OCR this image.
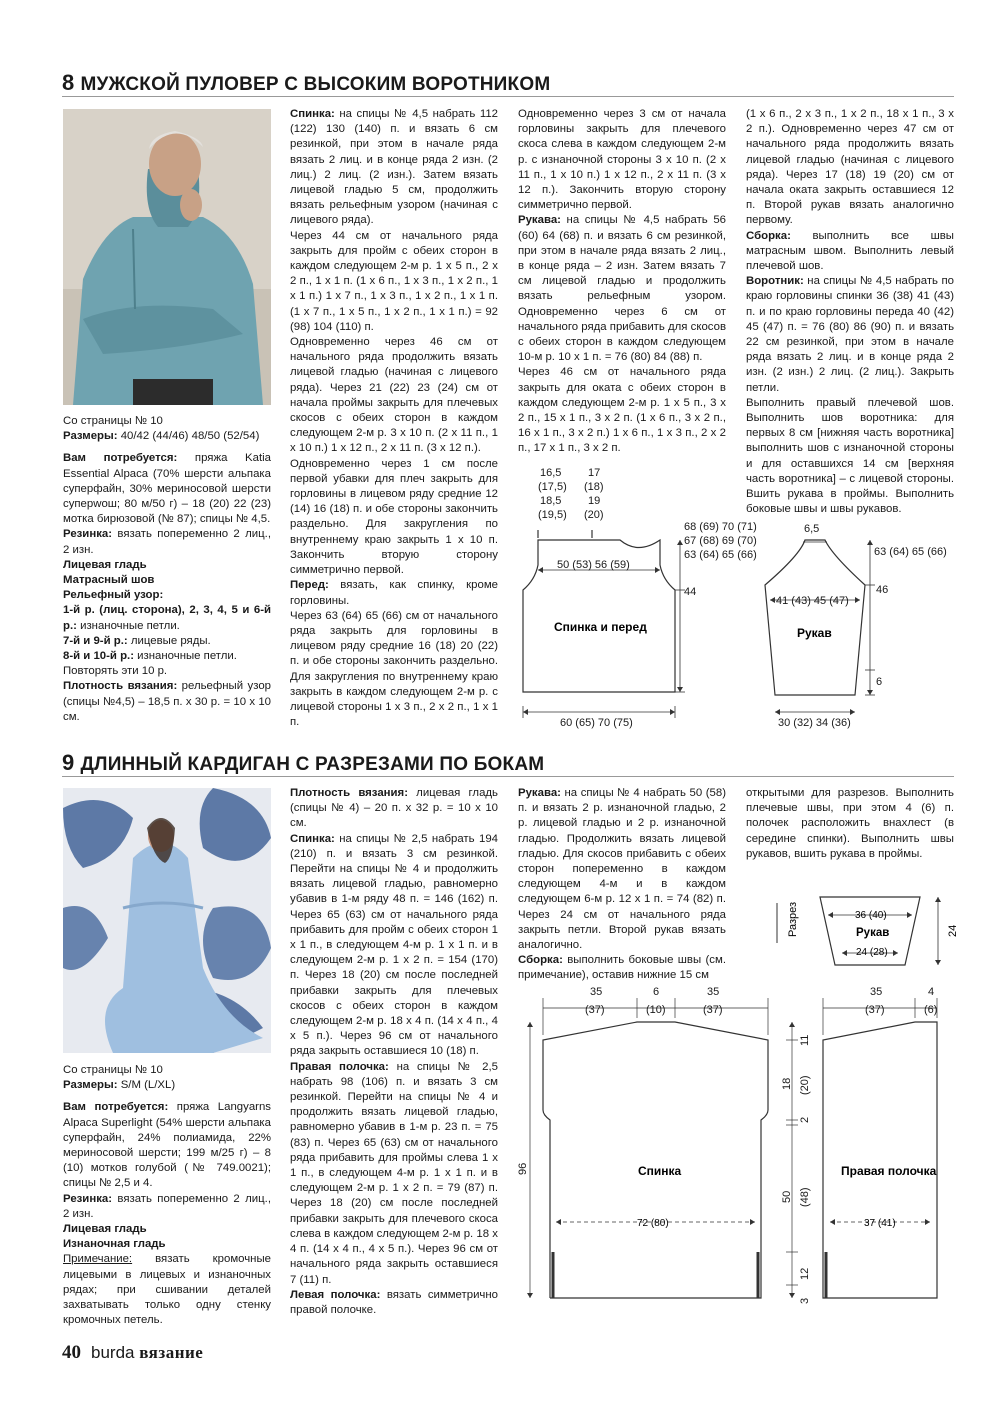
8 МУЖСКОЙ ПУЛОВЕР С ВЫСОКИМ ВОРОТНИКОМ

Со страницы № 10

Размеры: 40/42 (44/46) 48/50 (52/54)

Вам потребуется: пряжа Katia Essential Alpaca (70% шерсти альпака суперфайн, 30% мериносовой шерсти суперwош; 80 м/50 г) – 18 (20) 22 (23) мотка бирюзовой (№ 87); спицы № 4,5.

Резинка: вязать попеременно 2 лиц., 2 изн.

Лицевая гладь

Матрасный шов

Рельефный узор:

1-й р. (лиц. сторона), 2, 3, 4, 5 и 6-й р.: изнаночные петли.

7-й и 9-й р.: лицевые ряды.

8-й и 10-й р.: изнаночные петли.

Повторять эти 10 р.

Плотность вязания: рельефный узор (спицы №4,5) – 18,5 п. x 30 р. = 10 x 10 см.

Спинка: на спицы № 4,5 набрать 112 (122) 130 (140) п. и вязать 6 см резинкой, при этом в начале ряда вязать 2 лиц. и в конце ряда 2 изн. (2 лиц.) 2 лиц. (2 изн.). Затем вязать лицевой гладью 5 см, продолжить вязать рельефным узором (начиная с лицевого ряда).

Через 44 см от начального ряда закрыть для пройм с обеих сторон в каждом следующем 2-м р. 1 x 5 п., 2 x 2 п., 1 x 1 п. (1 x 6 п., 1 x 3 п., 1 x 2 п., 1 x 1 п.) 1 x 7 п., 1 x 3 п., 1 x 2 п., 1 x 1 п. (1 x 7 п., 1 x 5 п., 1 x 2 п., 1 x 1 п.) = 92 (98) 104 (110) п.

Одновременно через 46 см от начального ряда продолжить вязать лицевой гладью (начиная с лицевого ряда). Через 21 (22) 23 (24) см от начала проймы закрыть для плечевых скосов с обеих сторон в каждом следующем 2-м р. 3 x 10 п. (2 x 11 п., 1 x 10 п.) 1 x 12 п., 2 x 11 п. (3 x 12 п.).

Одновременно через 1 см после первой убавки для плеч закрыть для горловины в лицевом ряду средние 12 (14) 16 (18) п. и обе стороны закончить раздельно. Для закругления по внутреннему краю закрыть 1 x 10 п. Закончить вторую сторону симметрично первой.

Перед: вязать, как спинку, кроме горловины.

Через 63 (64) 65 (66) см от начального ряда закрыть для горловины в лицевом ряду средние 16 (18) 20 (22) п. и обе стороны закончить раздельно. Для закругления по внутреннему краю закрыть в каждом следующем 2-м р. с лицевой стороны 1 x 3 п., 2 x 2 п., 1 x 1 п.

Одновременно через 3 см от начала горловины закрыть для плечевого скоса слева в каждом следующем 2-м р. с изнаночной стороны 3 x 10 п. (2 x 11 п., 1 x 10 п.) 1 x 12 п., 2 x 11 п. (3 x 12 п.). Закончить вторую сторону симметрично первой.

Рукава: на спицы № 4,5 набрать 56 (60) 64 (68) п. и вязать 6 см резинкой, при этом в начале ряда вязать 2 лиц., в конце ряда – 2 изн. Затем вязать 7 см лицевой гладью и продолжить вязать рельефным узором. Одновременно через 6 см от начального ряда прибавить для скосов с обеих сторон в каждом следующем 10-м р. 10 x 1 п. = 76 (80) 84 (88) п.

Через 46 см от начального ряда закрыть для оката с обеих сторон в каждом следующем 2-м р. 1 x 5 п., 3 x 2 п., 15 x 1 п., 3 x 2 п. (1 x 6 п., 3 x 2 п., 16 x 1 п., 3 x 2 п.) 1 x 6 п., 1 x 3 п., 2 x 2 п., 17 x 1 п., 3 x 2 п.

(1 x 6 п., 2 x 3 п., 1 x 2 п., 18 x 1 п., 3 x 2 п.). Одновременно через 47 см от начального ряда продолжить вязать лицевой гладью (начиная с лицевого ряда). Через 17 (18) 19 (20) см от начала оката закрыть оставшиеся 12 п. Второй рукав вязать аналогично первому.

Сборка: выполнить все швы матрасным швом. Выполнить левый плечевой шов.

Воротник: на спицы № 4,5 набрать по краю горловины спинки 36 (38) 41 (43) п. и по краю горловины переда 40 (42) 45 (47) п. = 76 (80) 86 (90) п. и вязать 22 см резинкой, при этом в начале ряда вязать 2 лиц. и в конце ряда 2 изн. (2 изн.) 2 лиц. (2 лиц.). Закрыть петли.

Выполнить правый плечевой шов. Выполнить шов воротника: для первых 8 см [нижняя часть воротника] выполнить шов с изнаночной стороны и для оставшихся 14 см [верхняя часть воротника] – с лицевой стороны. Вшить рукава в проймы. Выполнить боковые швы и швы рукавов.

16,5
(17,5)
18,5
(19,5)
17
(18)
19
(20)
50 (53) 56 (59)
68 (69) 70 (71)
67 (68) 69 (70)
63 (64) 65 (66)
44
60 (65) 70 (75)
Спинка и перед
6,5
63 (64) 65 (66)
41 (43) 45 (47)
46
6
30 (32) 34 (36)
Рукав
9 ДЛИННЫЙ КАРДИГАН С РАЗРЕЗАМИ ПО БОКАМ

Со страницы № 10

Размеры: S/M (L/XL)

Вам потребуется: пряжа Langyarns Alpaca Superlight (54% шерсти альпака суперфайн, 24% полиамида, 22% мериносовой шерсти; 199 м/25 г) – 8 (10) мотков голубой (№ 749.0021); спицы № 2,5 и 4.

Резинка: вязать попеременно 2 лиц., 2 изн.

Лицевая гладь

Изнаночная гладь

Примечание: вязать кромочные лицевыми в лицевых и изнаночных рядах; при сшивании деталей захватывать только одну стенку кромочных петель.

Плотность вязания: лицевая гладь (спицы № 4) – 20 п. x 32 р. = 10 x 10 см.

Спинка: на спицы № 2,5 набрать 194 (210) п. и вязать 3 см резинкой. Перейти на спицы № 4 и продолжить вязать лицевой гладью, равномерно убавив в 1-м ряду 48 п. = 146 (162) п. Через 65 (63) см от начального ряда прибавить для пройм с обеих сторон 1 x 1 п., в следующем 4-м р. 1 x 1 п. и в следующем 2-м р. 1 x 2 п. = 154 (170) п. Через 18 (20) см после последней прибавки закрыть для плечевых скосов с обеих сторон в каждом следующем 2-м р. 18 x 4 п. (14 x 4 п., 4 x 5 п.). Через 96 см от начального ряда закрыть оставшиеся 10 (18) п.

Правая полочка: на спицы № 2,5 набрать 98 (106) п. и вязать 3 см резинкой. Перейти на спицы № 4 и продолжить вязать лицевой гладью, равномерно убавив в 1-м р. 23 п. = 75 (83) п. Через 65 (63) см от начального ряда прибавить для проймы слева 1 x 1 п., в следующем 4-м р. 1 x 1 п. и в следующем 2-м р. 1 x 2 п. = 79 (87) п. Через 18 (20) см после последней прибавки закрыть для плечевого скоса слева в каждом следующем 2-м р. 18 x 4 п. (14 x 4 п., 4 x 5 п.). Через 96 см от начального ряда закрыть оставшиеся 7 (11) п.

Левая полочка: вязать симметрично правой полочке.

Рукава: на спицы № 4 набрать 50 (58) п. и вязать 2 р. изнаночной гладью, 2 р. лицевой гладью и 2 р. изнаночной гладью. Продолжить вязать лицевой гладью. Для скосов прибавить с обеих сторон попеременно в каждом следующем 4-м и в каждом следующем 6-м р. 12 x 1 п. = 74 (82) п. Через 24 см от начального ряда закрыть петли. Второй рукав вязать аналогично.

Сборка: выполнить боковые швы (см. примечание), оставив нижние 15 см

открытыми для разрезов. Выполнить плечевые швы, при этом 4 (6) п. полочек расположить внахлест (в середине спинки). Выполнить швы рукавов, вшить рукава в проймы.

Разрез	36 (40)
Рукав
24 (28)
24
35
(37)
6
(10)
35
(37)
35
(37)
4
(6)
96
11
18 (20)
2
50 (48)
12
3
Спинка	Правая полочка
72 (80)	37 (41)
40 burda вязание
